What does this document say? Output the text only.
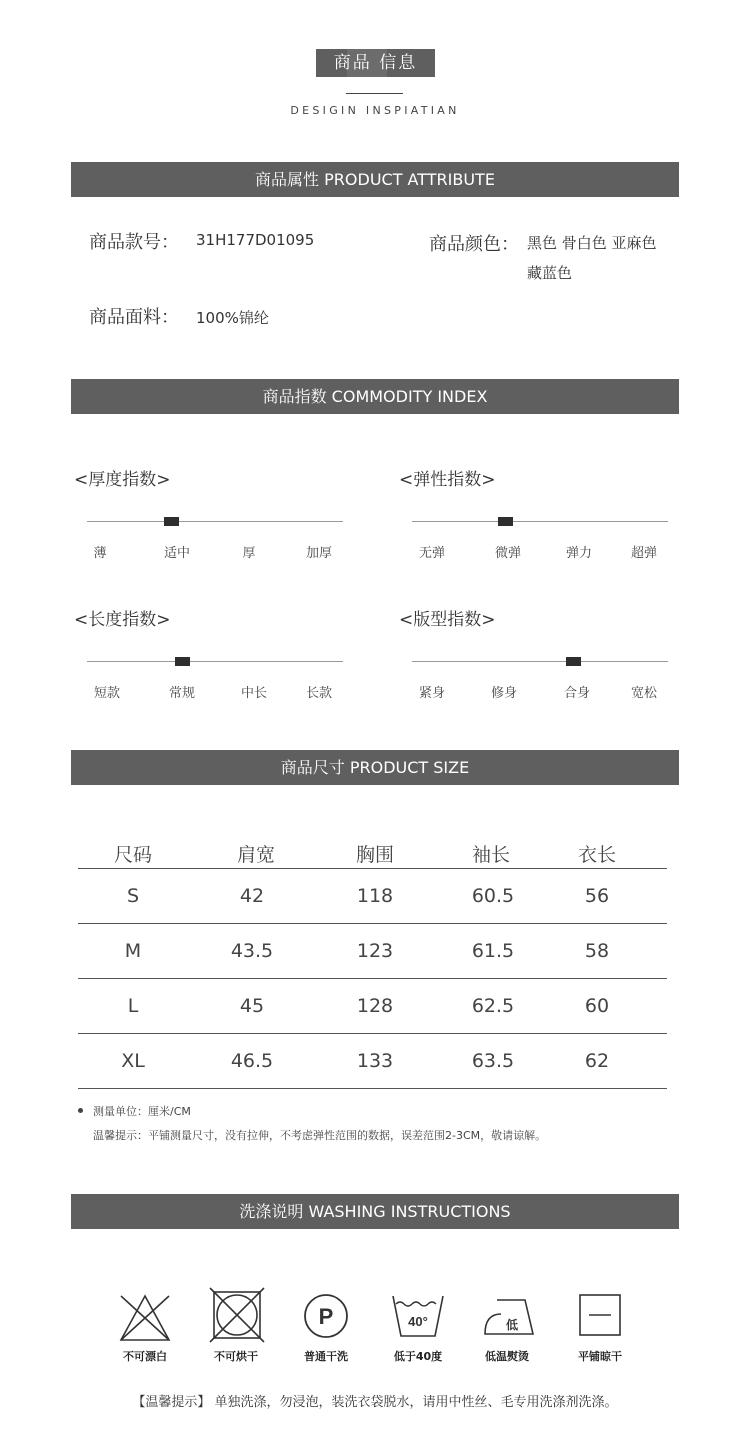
商品 信息
DESIGIN INSPIATIAN
商品属性 PRODUCT ATTRIBUTE
商品款号： 31H177D01095	商品颜色： 黑色 骨白色 亚麻色
藏蓝色
商品面料： 100%锦纶
商品指数 COMMODITY INDEX
<厚度指数>
薄	适中	厚	加厚
<弹性指数>
无弹	微弹	弹力	超弹
<长度指数>
短款	常规	中长	长款
<版型指数>
紧身	修身	合身	宽松
商品尺寸 PRODUCT SIZE
尺码	肩宽	胸围	袖长	衣长
S	42	118	60.5	56
M	43.5	123	61.5	58
L	45	128	62.5	60
XL	46.5	133	63.5	62
测量单位：厘米/CM
温馨提示：平铺测量尺寸，没有拉伸，不考虑弹性范围的数据，误差范围2-3CM，敬请谅解。
洗涤说明 WASHING INSTRUCTIONS
不可漂白	不可烘干
P
普通干洗
40°
低于40度
低
低温熨烫	平铺晾干
【温馨提示】 单独洗涤，勿浸泡，装洗衣袋脱水，请用中性丝、毛专用洗涤剂洗涤。
